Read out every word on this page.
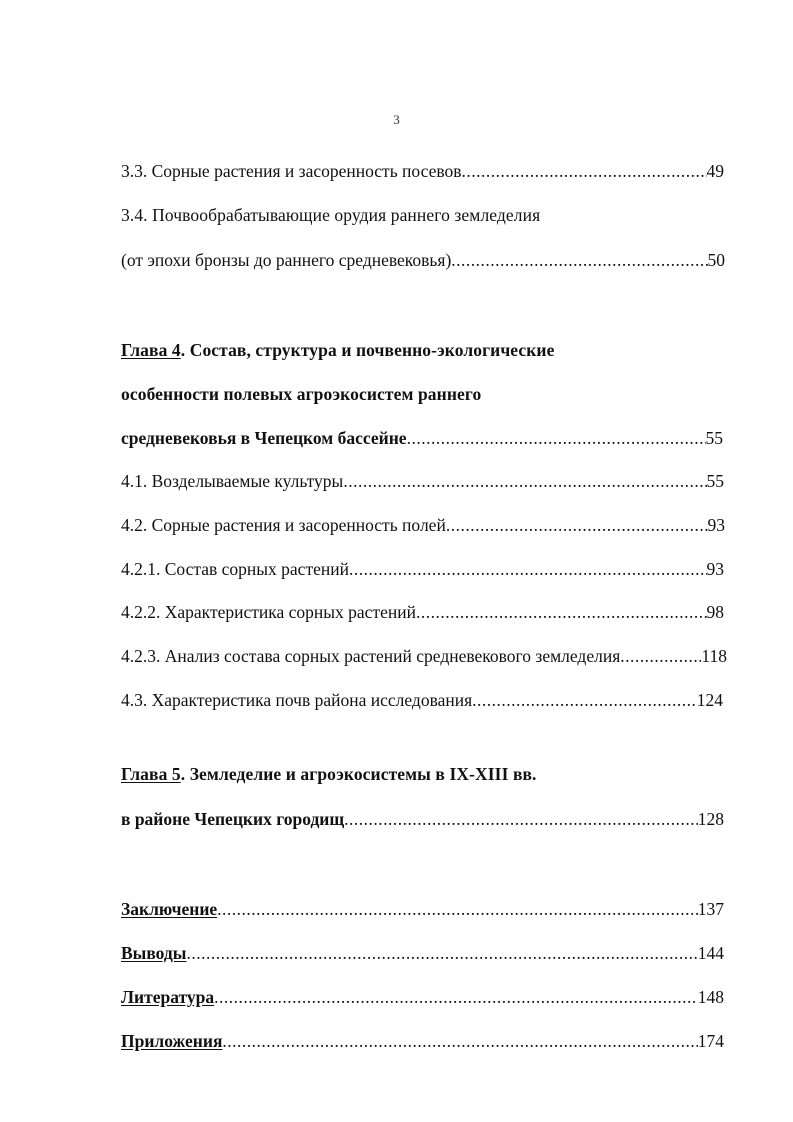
3
3.3. Сорные растения и засоренность посевов .....	49
3.4. Почвообрабатывающие орудия раннего земледелия
(от эпохи бронзы до раннего средневековья) .....	50
Глава 4. Состав, структура и почвенно-экологические
особенности полевых агроэкосистем раннего
средневековья в Чепецком бассейне .....	55
4.1. Возделываемые культуры .....	55
4.2. Сорные растения и засоренность полей .....	93
4.2.1. Состав сорных растений .....	93
4.2.2. Характеристика сорных растений .....	98
4.2.3. Анализ состава сорных растений средневекового земледелия .....	118
4.3. Характеристика почв района исследования .....	124
Глава 5. Земледелие и агроэкосистемы в IX-XIII вв.
в районе Чепецких городищ .....	128
Заключение .....	137
Выводы .....	144
Литература .....	148
Приложения .....	174
